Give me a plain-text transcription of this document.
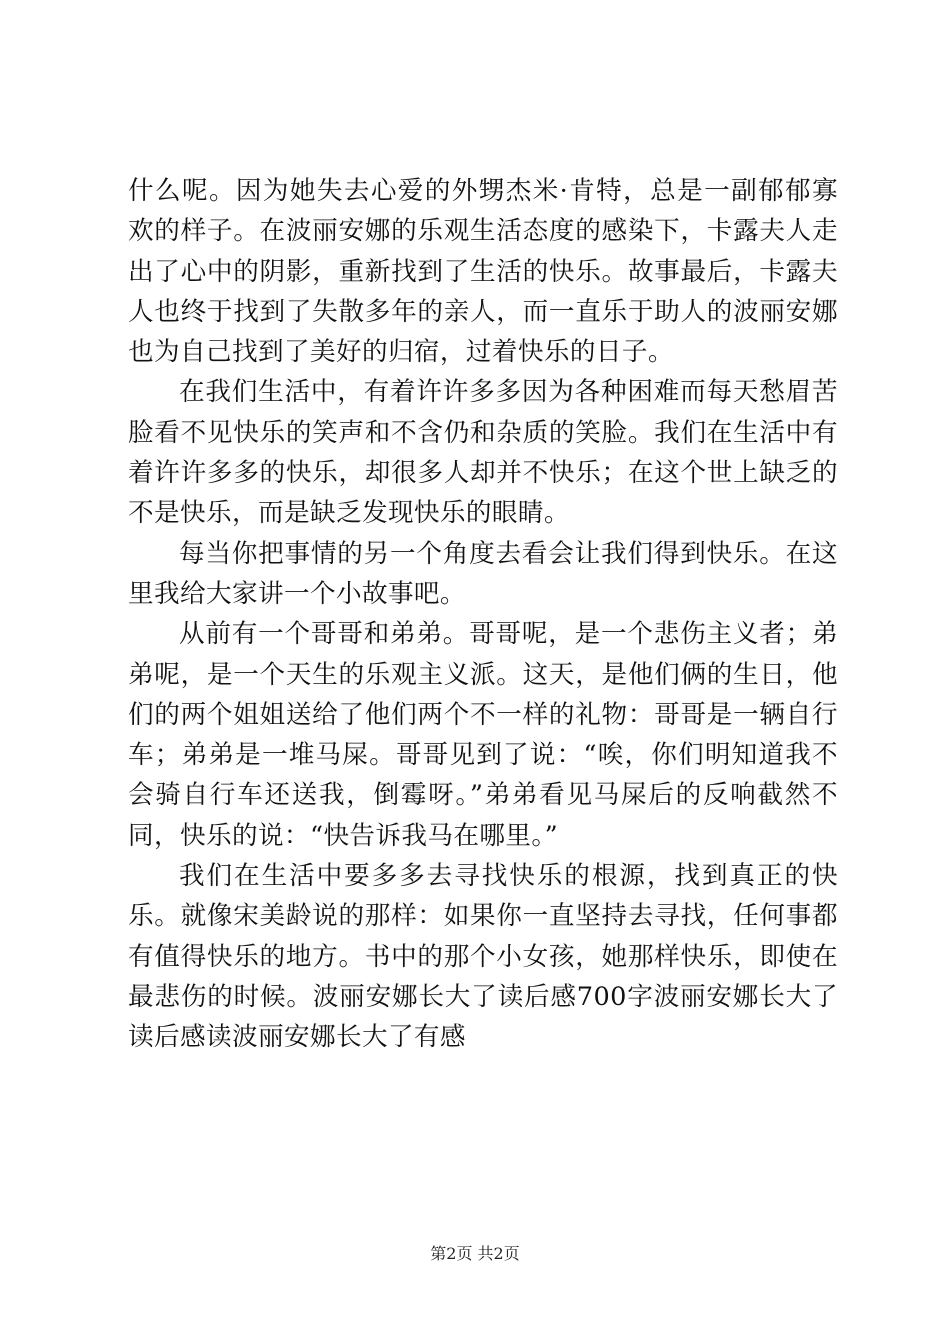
什么呢。因为她失去心爱的外甥杰米·肯特，总是一副郁郁寡欢的样子。在波丽安娜的乐观生活态度的感染下，卡露夫人走出了心中的阴影，重新找到了生活的快乐。故事最后，卡露夫人也终于找到了失散多年的亲人，而一直乐于助人的波丽安娜也为自己找到了美好的归宿，过着快乐的日子。

在我们生活中，有着许许多多因为各种困难而每天愁眉苦脸看不见快乐的笑声和不含仍和杂质的笑脸。我们在生活中有着许许多多的快乐，却很多人却并不快乐；在这个世上缺乏的不是快乐，而是缺乏发现快乐的眼睛。

每当你把事情的另一个角度去看会让我们得到快乐。在这里我给大家讲一个小故事吧。

从前有一个哥哥和弟弟。哥哥呢，是一个悲伤主义者；弟弟呢，是一个天生的乐观主义派。这天，是他们俩的生日，他们的两个姐姐送给了他们两个不一样的礼物：哥哥是一辆自行车；弟弟是一堆马屎。哥哥见到了说：“唉，你们明知道我不会骑自行车还送我，倒霉呀。”弟弟看见马屎后的反响截然不同，快乐的说：“快告诉我马在哪里。”

我们在生活中要多多去寻找快乐的根源，找到真正的快乐。就像宋美龄说的那样：如果你一直坚持去寻找，任何事都有值得快乐的地方。书中的那个小女孩，她那样快乐，即使在最悲伤的时候。波丽安娜长大了读后感700字波丽安娜长大了读后感读波丽安娜长大了有感

第2页 共2页
